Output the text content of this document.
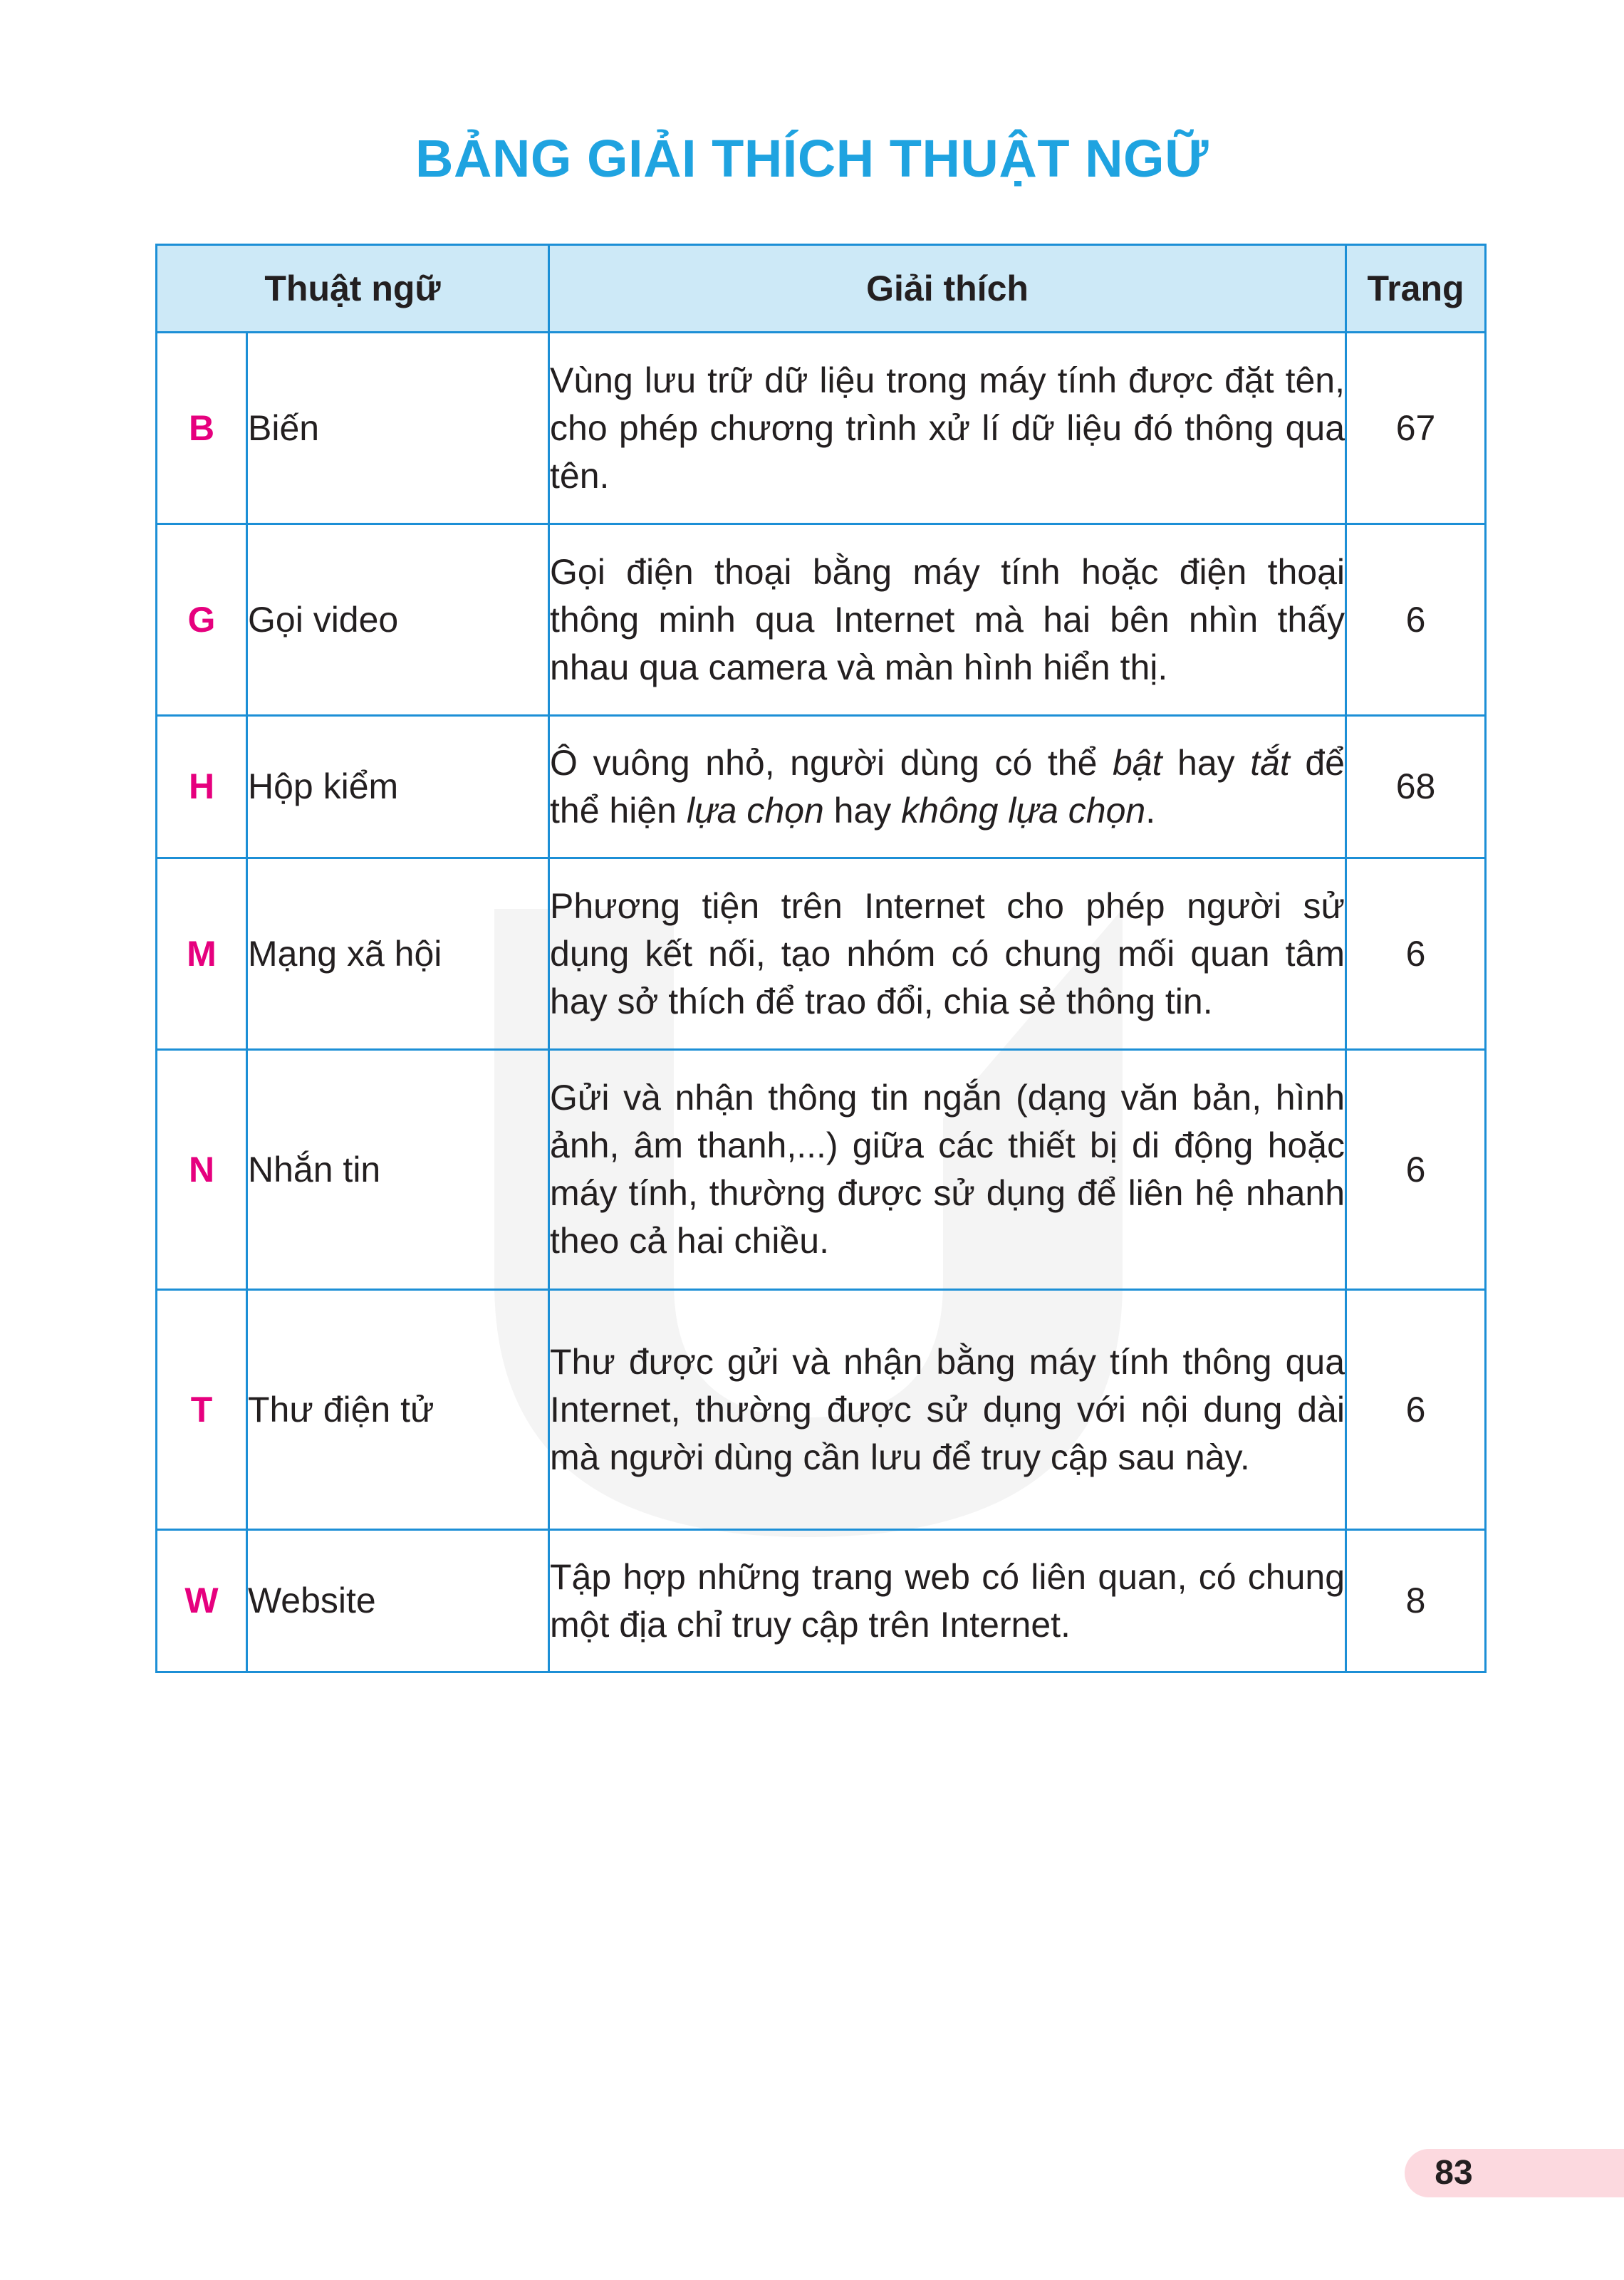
BẢNG GIẢI THÍCH THUẬT NGỮ
Thuật ngữ		Giải thích	Trang
B	Biến	Vùng lưu trữ dữ liệu trong máy tính được đặt tên, cho phép chương trình xử lí dữ liệu đó thông qua tên.	67
G	Gọi video	Gọi điện thoại bằng máy tính hoặc điện thoại thông minh qua Internet mà hai bên nhìn thấy nhau qua camera và màn hình hiển thị.	6
H	Hộp kiểm	Ô vuông nhỏ, người dùng có thể bật hay tắt để thể hiện lựa chọn hay không lựa chọn.	68
M	Mạng xã hội	Phương tiện trên Internet cho phép người sử dụng kết nối, tạo nhóm có chung mối quan tâm hay sở thích để trao đổi, chia sẻ thông tin.	6
N	Nhắn tin	Gửi và nhận thông tin ngắn (dạng văn bản, hình ảnh, âm thanh,...) giữa các thiết bị di động hoặc máy tính, thường được sử dụng để liên hệ nhanh theo cả hai chiều.	6
T	Thư điện tử	Thư được gửi và nhận bằng máy tính thông qua Internet, thường được sử dụng với nội dung dài mà người dùng cần lưu để truy cập sau này.	6
W	Website	Tập hợp những trang web có liên quan, có chung một địa chỉ truy cập trên Internet.	8
83
